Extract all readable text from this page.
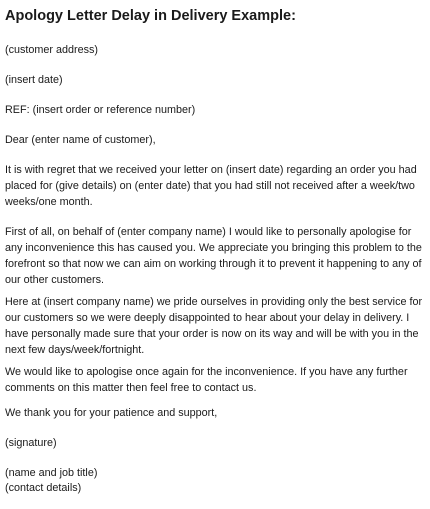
Apology Letter Delay in Delivery Example:

(customer address)

(insert date)

REF: (insert order or reference number)

Dear (enter name of customer),

It is with regret that we received your letter on (insert date) regarding an order you had
placed for (give details) on (enter date) that you had still not received after a week/two
weeks/one month.
First of all, on behalf of (enter company name) I would like to personally apologise for
any inconvenience this has caused you. We appreciate you bringing this problem to the
forefront so that now we can aim on working through it to prevent it happening to any of
our other customers.
Here at (insert company name) we pride ourselves in providing only the best service for
our customers so we were deeply disappointed to hear about your delay in delivery. I
have personally made sure that your order is now on its way and will be with you in the
next few days/week/fortnight.
We would like to apologise once again for the inconvenience. If you have any further
comments on this matter then feel free to contact us.

We thank you for your patience and support,

(signature)

(name and job title)

(contact details)
